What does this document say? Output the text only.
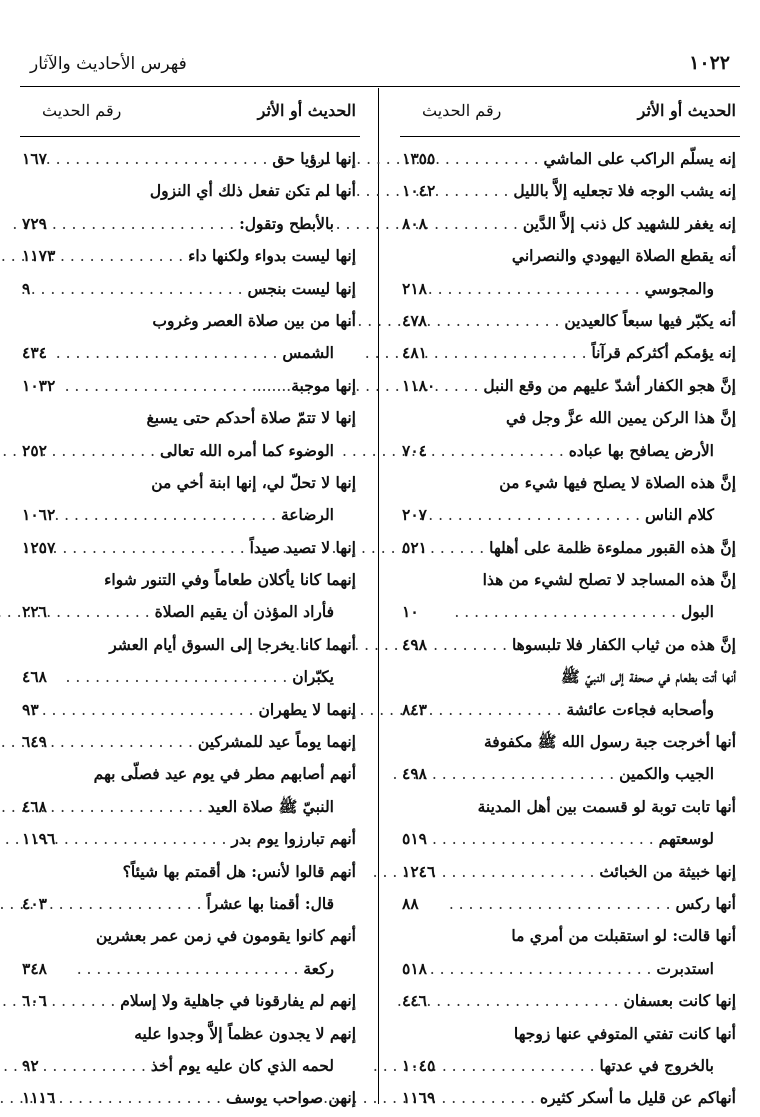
١٠٢٢
فهرس الأحاديث والآثار
الحديث أو الأثر
رقم الحديث
إنه يسلّم الراكب على الماشي . . .
١٣٥٥
إنه يشب الوجه فلا تجعليه إلاَّ بالليل . . .
١٠٤٢
إنه يغفر للشهيد كل ذنب إلاَّ الدَّين . . .
٨٠٨
أنه يقطع الصلاة اليهودي والنصراني
والمجوسي . . .
٢١٨
أنه يكبّر فيها سبعاً كالعيدين . . .
٤٧٨
إنه يؤمكم أكثركم قرآناً . . .
٤٨١
إنَّ هجو الكفار أشدّ عليهم من وقع النبل . . .
١١٨٠
إنَّ هذا الركن يمين الله عزَّ وجل في
الأرض يصافح بها عباده . . .
٧٠٤
إنَّ هذه الصلاة لا يصلح فيها شيء من
كلام الناس . . .
٢٠٧
إنَّ هذه القبور مملوءة ظلمة على أهلها . . .
٥٢١
إنَّ هذه المساجد لا تصلح لشيء من هذا
البول . . .
١٠
إنَّ هذه من ثياب الكفار فلا تلبسوها . . .
٤٩٨
أنها أتت بطعام في صحفة إلى النبيّ ﷺ
وأصحابه فجاءت عائشة . . .
٨٤٣
أنها أخرجت جبة رسول الله ﷺ مكفوفة
الجيب والكمين . . .
٤٩٨
أنها تابت توبة لو قسمت بين أهل المدينة
لوسعتهم . . .
٥١٩
إنها خبيثة من الخبائث . . .
١٢٤٦
أنها ركس . . .
٨٨
أنها قالت: لو استقبلت من أمري ما
استدبرت . . .
٥١٨
إنها كانت بعسفان . . .
٤٤٦
أنها كانت تفتي المتوفي عنها زوجها
بالخروج في عدتها . . .
١٠٤٥
أنهاكم عن قليل ما أسكر كثيره . . .
١١٦٩
الحديث أو الأثر
رقم الحديث
إنها لرؤيا حق . . .
١٦٧
أنها لم تكن تفعل ذلك أي النزول
بالأبطح وتقول: . . .
٧٢٩
إنها ليست بدواء ولكنها داء . . .
١١٧٣
إنها ليست بنجس . . .
٩
أنها من بين صلاة العصر وغروب
الشمس . . .
٤٣٤
إنها موجبة . . .
١٠٣٢
إنها لا تتمّ صلاة أحدكم حتى يسبغ
الوضوء كما أمره الله تعالى . . .
٢٥٢
إنها لا تحلّ لي، إنها ابنة أخي من
الرضاعة . . .
١٠٦٢
إنها لا تصيد صيداً . . .
١٢٥٧
إنهما كانا يأكلان طعاماً وفي التنور شواء
فأراد المؤذن أن يقيم الصلاة . . .
٢٢٦
أنهما كانا يخرجا إلى السوق أيام العشر
يكبّران . . .
٤٦٨
إنهما لا يطهران . . .
٩٣
إنهما يوماً عيد للمشركين . . .
٦٤٩
أنهم أصابهم مطر في يوم عيد فصلّى بهم
النبيّ ﷺ صلاة العيد . . .
٤٦٨
أنهم تبارزوا يوم بدر . . .
١١٩٦
أنهم قالوا لأنس: هل أقمتم بها شيئاً؟
قال: أقمنا بها عشراً . . .
٤٠٣
أنهم كانوا يقومون في زمن عمر بعشرين
ركعة . . .
٣٤٨
إنهم لم يفارقونا في جاهلية ولا إسلام . . .
٦٠٦
إنهم لا يجدون عظماً إلاَّ وجدوا عليه
لحمه الذي كان عليه يوم أخذ . . .
٩٢
إنهن صواحب يوسف . . .
١١١٦
